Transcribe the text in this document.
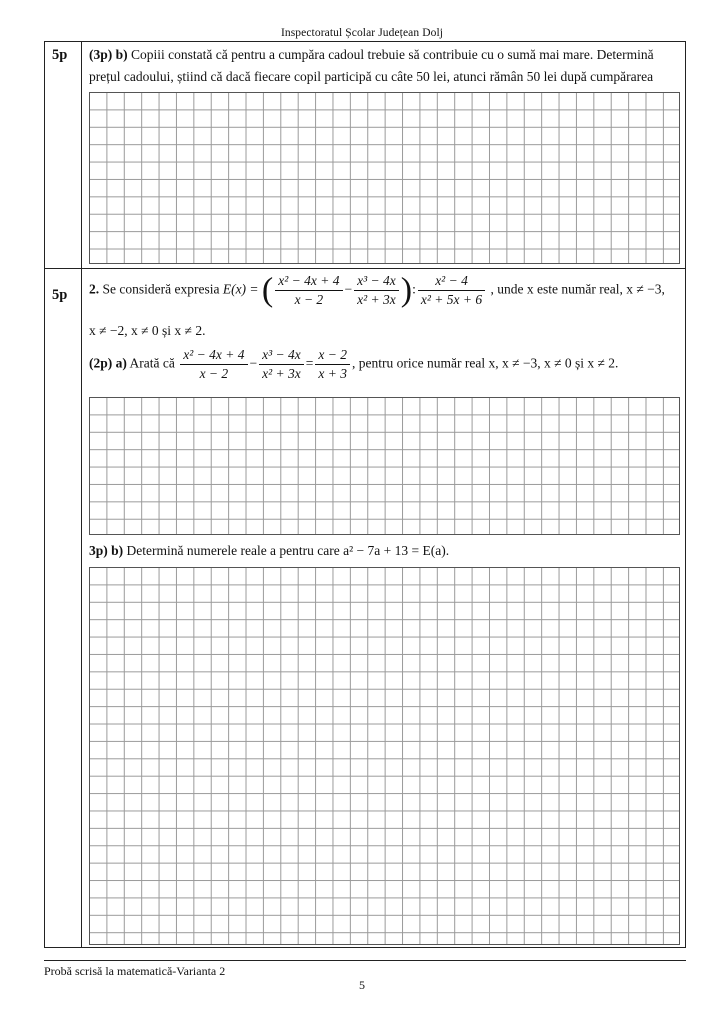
Inspectoratul Școlar Județean Dolj
5p (3p) b) Copiii constată că pentru a cumpăra cadoul trebuie să contribuie cu o sumă mai mare. Determină prețul cadoului, știind că dacă fiecare copil participă cu câte 50 lei, atunci rămân 50 lei după cumpărarea
5p 2. Se consideră expresia E(x) = ( $\frac{\text{x² − 4x + 4}}{x - 2} - \frac{\text{x³ − 4x}}{\text{x² + 3x}}$ ): $\frac{\text{x² − 4}}{\text{x² + 5x + 6}}$ , unde x este număr real, x ≠ −3,
x ≠ −2, x ≠ 0 și x ≠ 2.
(2p) a) Arată că $\frac{\text{x² − 4x + 4}}{x - 2} - \frac{\text{x³ − 4x}}{\text{x² + 3x}} = \frac{x - 2}{x + 3}$ , pentru orice număr real x, x ≠ −3, x ≠ 0 și x ≠ 2.
3p) b) Determină numerele reale a pentru care a² − 7a + 13 = E(a).
Probă scrisă la matematică-Varianta 2
5
